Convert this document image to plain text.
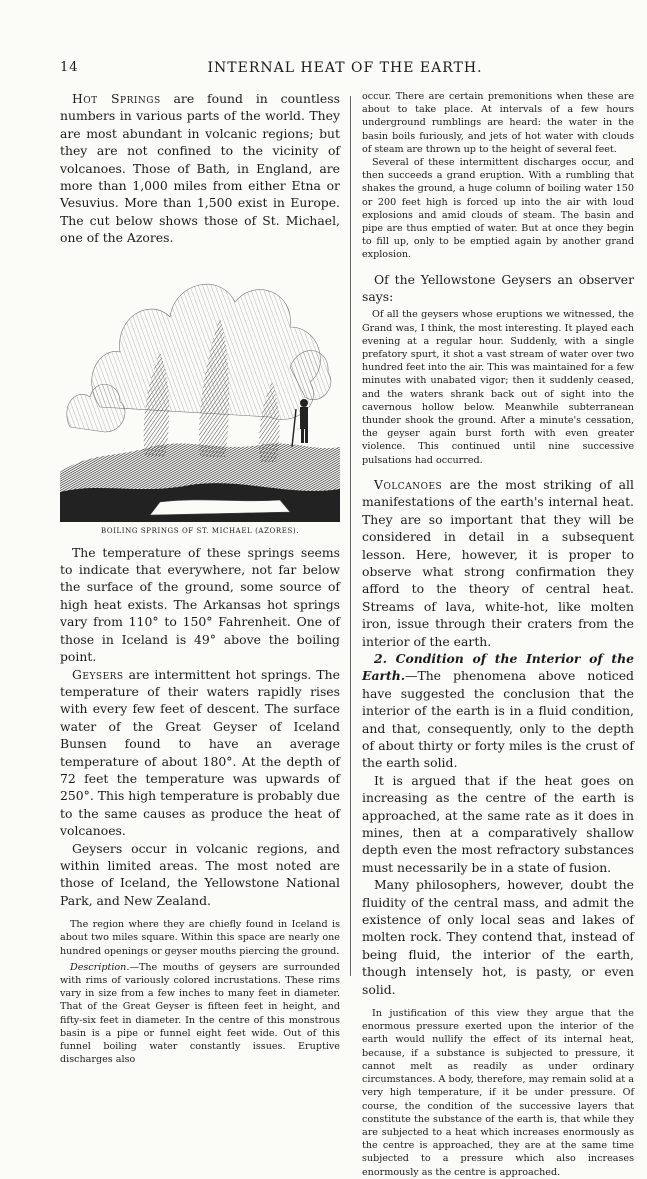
14	INTERNAL HEAT OF THE EARTH.

Hot Springs are found in countless numbers in various parts of the world. They are most abundant in volcanic regions; but they are not confined to the vicinity of volcanoes. Those of Bath, in England, are more than 1,000 miles from either Etna or Vesuvius. More than 1,500 exist in Europe. The cut below shows those of St. Michael, one of the Azores.

BOILING SPRINGS OF ST. MICHAEL (AZORES).

The temperature of these springs seems to indicate that everywhere, not far below the surface of the ground, some source of high heat exists. The Arkansas hot springs vary from 110° to 150° Fahrenheit. One of those in Iceland is 49° above the boiling point.

Geysers are intermittent hot springs. The temperature of their waters rapidly rises with every few feet of descent. The surface water of the Great Geyser of Iceland Bunsen found to have an average temperature of about 180°. At the depth of 72 feet the temperature was upwards of 250°. This high temperature is probably due to the same causes as produce the heat of volcanoes.

Geysers occur in volcanic regions, and within limited areas. The most noted are those of Iceland, the Yellowstone National Park, and New Zealand.

The region where they are chiefly found in Iceland is about two miles square. Within this space are nearly one hundred openings or geyser mouths piercing the ground.

Description.—The mouths of geysers are surrounded with rims of variously colored incrustations. These rims vary in size from a few inches to many feet in diameter. That of the Great Geyser is fifteen feet in height, and fifty-six feet in diameter. In the centre of this monstrous basin is a pipe or funnel eight feet wide. Out of this funnel boiling water constantly issues. Eruptive discharges also

occur. There are certain premonitions when these are about to take place. At intervals of a few hours underground rumblings are heard: the water in the basin boils furiously, and jets of hot water with clouds of steam are thrown up to the height of several feet.

Several of these intermittent discharges occur, and then succeeds a grand eruption. With a rumbling that shakes the ground, a huge column of boiling water 150 or 200 feet high is forced up into the air with loud explosions and amid clouds of steam. The basin and pipe are thus emptied of water. But at once they begin to fill up, only to be emptied again by another grand explosion.

Of the Yellowstone Geysers an observer says:

Of all the geysers whose eruptions we witnessed, the Grand was, I think, the most interesting. It played each evening at a regular hour. Suddenly, with a single prefatory spurt, it shot a vast stream of water over two hundred feet into the air. This was maintained for a few minutes with unabated vigor; then it suddenly ceased, and the waters shrank back out of sight into the cavernous hollow below. Meanwhile subterranean thunder shook the ground. After a minute's cessation, the geyser again burst forth with even greater violence. This continued until nine successive pulsations had occurred.

Volcanoes are the most striking of all manifestations of the earth's internal heat. They are so important that they will be considered in detail in a subsequent lesson. Here, however, it is proper to observe what strong confirmation they afford to the theory of central heat. Streams of lava, white-hot, like molten iron, issue through their craters from the interior of the earth.

2. Condition of the Interior of the Earth.—The phenomena above noticed have suggested the conclusion that the interior of the earth is in a fluid condition, and that, consequently, only to the depth of about thirty or forty miles is the crust of the earth solid.

It is argued that if the heat goes on increasing as the centre of the earth is approached, at the same rate as it does in mines, then at a comparatively shallow depth even the most refractory substances must necessarily be in a state of fusion.

Many philosophers, however, doubt the fluidity of the central mass, and admit the existence of only local seas and lakes of molten rock. They contend that, instead of being fluid, the interior of the earth, though intensely hot, is pasty, or even solid.

In justification of this view they argue that the enormous pressure exerted upon the interior of the earth would nullify the effect of its internal heat, because, if a substance is subjected to pressure, it cannot melt as readily as under ordinary circumstances. A body, therefore, may remain solid at a very high temperature, if it be under pressure. Of course, the condition of the successive layers that constitute the substance of the earth is, that while they are subjected to a heat which increases enormously as the centre is approached, they are at the same time subjected to a pressure which also increases enormously as the centre is approached.
